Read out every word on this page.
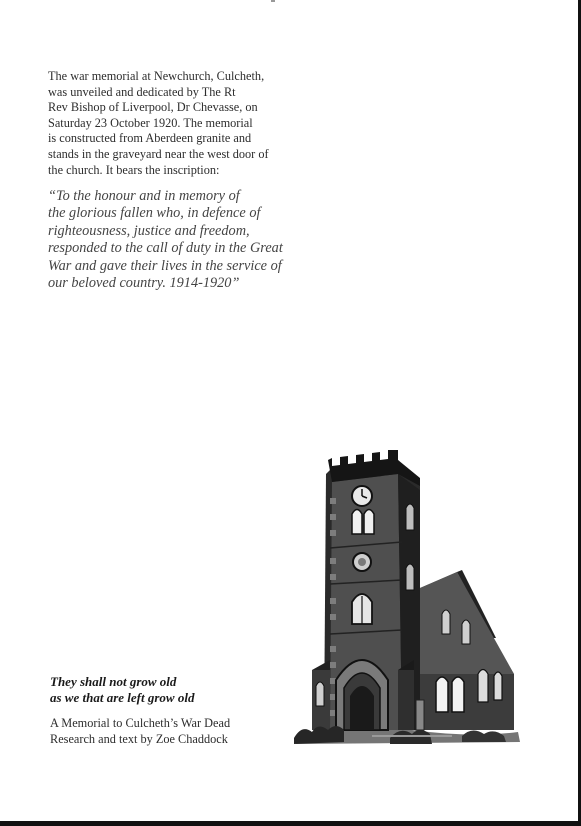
The war memorial at Newchurch, Culcheth,
was unveiled and dedicated by The Rt
Rev Bishop of Liverpool, Dr Chevasse, on
Saturday 23 October 1920. The memorial
is constructed from Aberdeen granite and
stands in the graveyard near the west door of
the church. It bears the inscription:
“To the honour and in memory of
the glorious fallen who, in defence of
righteousness, justice and freedom,
responded to the call of duty in the Great
War and gave their lives in the service of
our beloved country. 1914-1920”
They shall not grow old
as we that are left grow old
A Memorial to Culcheth’s War Dead
Research and text by Zoe Chaddock
